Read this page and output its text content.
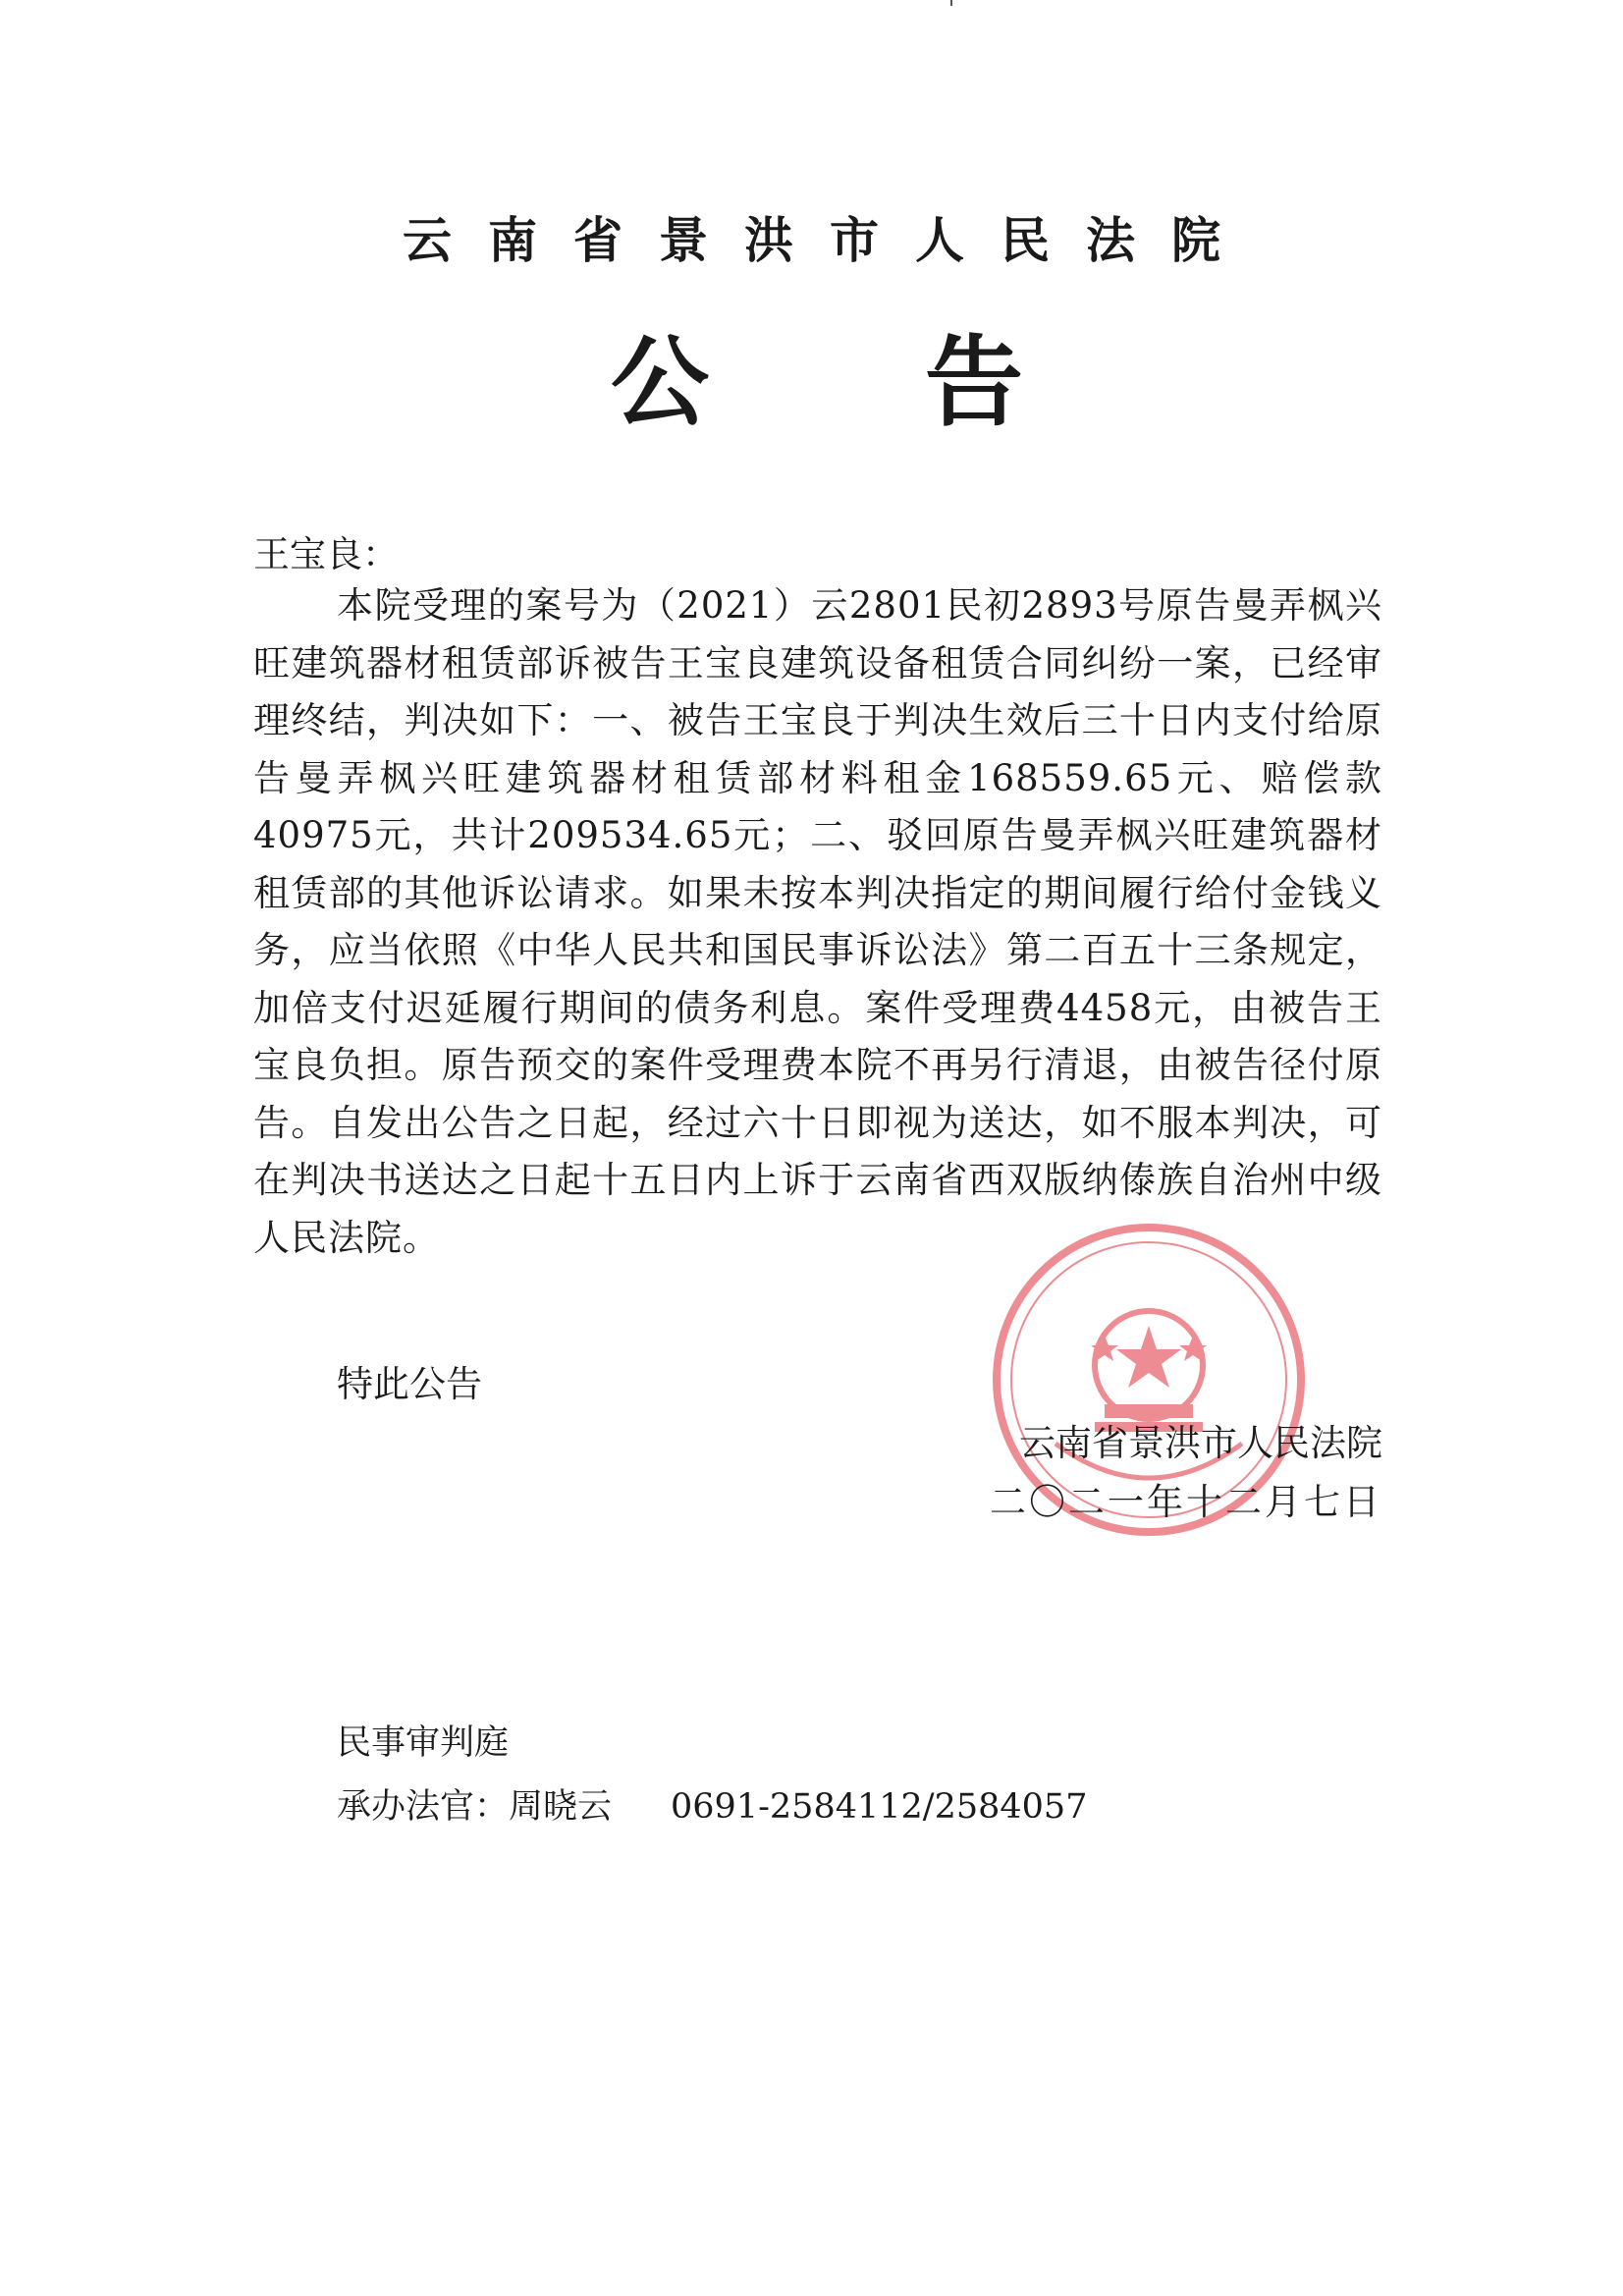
云南省景洪市人民法院
公 告
王宝良：

本院受理的案号为（2021）云2801民初2893号原告曼弄枫兴旺建筑器材租赁部诉被告王宝良建筑设备租赁合同纠纷一案，已经审理终结，判决如下：一、被告王宝良于判决生效后三十日内支付给原告曼弄枫兴旺建筑器材租赁部材料租金168559.65元、赔偿款40975元，共计209534.65元；二、驳回原告曼弄枫兴旺建筑器材租赁部的其他诉讼请求。如果未按本判决指定的期间履行给付金钱义务，应当依照《中华人民共和国民事诉讼法》第二百五十三条规定，加倍支付迟延履行期间的债务利息。案件受理费4458元，由被告王宝良负担。原告预交的案件受理费本院不再另行清退，由被告径付原告。自发出公告之日起，经过六十日即视为送达，如不服本判决，可在判决书送达之日起十五日内上诉于云南省西双版纳傣族自治州中级人民法院。

特此公告
云南省景洪市人民法院
二〇二一年十二月七日
民事审判庭
承办法官：周晓云 0691-2584112/2584057
